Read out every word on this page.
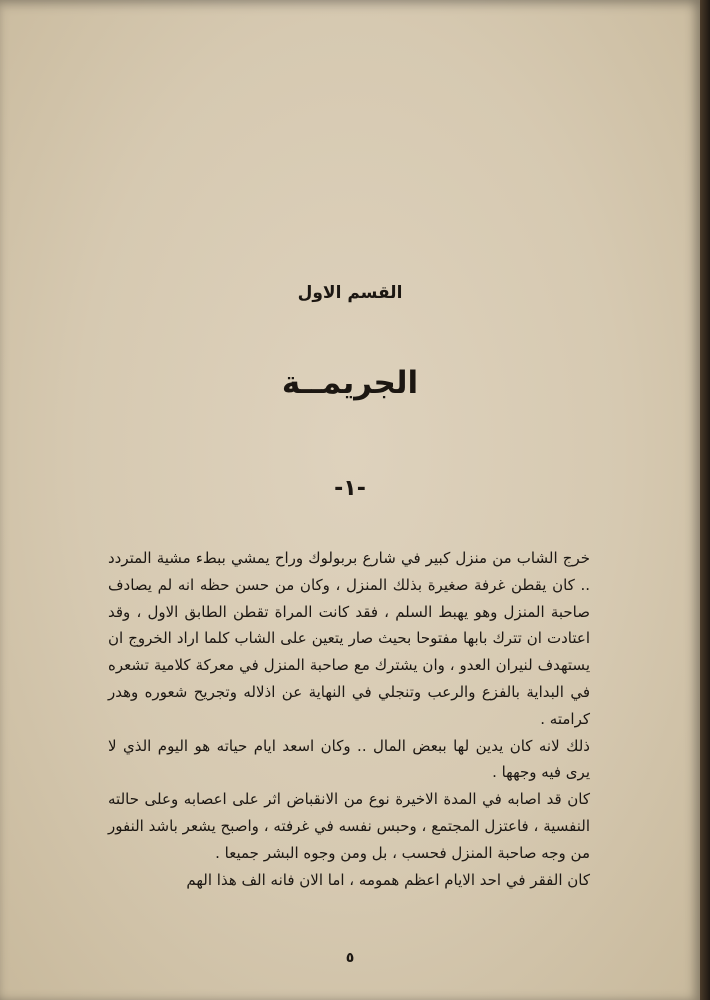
القسم الاول
الجريمــة
-١-

خرج الشاب من منزل كبير في شارع بربولوك وراح يمشي ببطء مشية المتردد .. كان يقطن غرفة صغيرة بذلك المنزل ، وكان من حسن حظه انه لم يصادف صاحبة المنزل وهو يهبط السلم ، فقد كانت المراة تقطن الطابق الاول ، وقد اعتادت ان تترك بابها مفتوحا بحيث صار يتعين على الشاب كلما اراد الخروج ان يستهدف لنيران العدو ، وان يشترك مع صاحبة المنزل في معركة كلامية تشعره في البداية بالفزع والرعب وتنجلي في النهاية عن اذلاله وتجريح شعوره وهدر كرامته .

ذلك لانه كان يدين لها ببعض المال .. وكان اسعد ايام حياته هو اليوم الذي لا يرى فيه وجهها .

كان قد اصابه في المدة الاخيرة نوع من الانقباض اثر على اعصابه وعلى حالته النفسية ، فاعتزل المجتمع ، وحبس نفسه في غرفته ، واصبح يشعر باشد النفور من وجه صاحبة المنزل فحسب ، بل ومن وجوه البشر جميعا .

كان الفقر في احد الايام اعظم همومه ، اما الان فانه الف هذا الهم

٥
